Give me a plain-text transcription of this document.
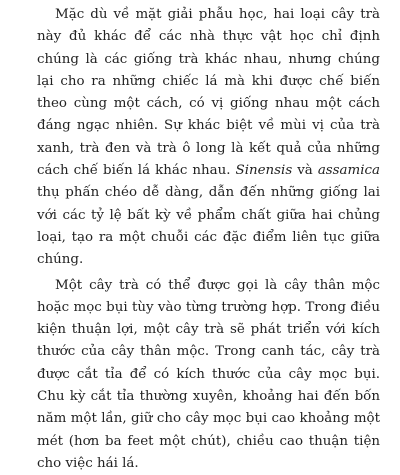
Mặc dù về mặt giải phẫu học, hai loại cây trà này đủ khác để các nhà thực vật học chỉ định chúng là các giống trà khác nhau, nhưng chúng lại cho ra những chiếc lá mà khi được chế biến theo cùng một cách, có vị giống nhau một cách đáng ngạc nhiên. Sự khác biệt về mùi vị của trà xanh, trà đen và trà ô long là kết quả của những cách chế biến lá khác nhau. Sinensis và assamica thụ phấn chéo dễ dàng, dẫn đến những giống lai với các tỷ lệ bất kỳ về phẩm chất giữa hai chủng loại, tạo ra một chuỗi các đặc điểm liên tục giữa chúng.

Một cây trà có thể được gọi là cây thân mộc hoặc mọc bụi tùy vào từng trường hợp. Trong điều kiện thuận lợi, một cây trà sẽ phát triển với kích thước của cây thân mộc. Trong canh tác, cây trà được cắt tỉa để có kích thước của cây mọc bụi. Chu kỳ cắt tỉa thường xuyên, khoảng hai đến bốn năm một lần, giữ cho cây mọc bụi cao khoảng một mét (hơn ba feet một chút), chiều cao thuận tiện cho việc hái lá.
